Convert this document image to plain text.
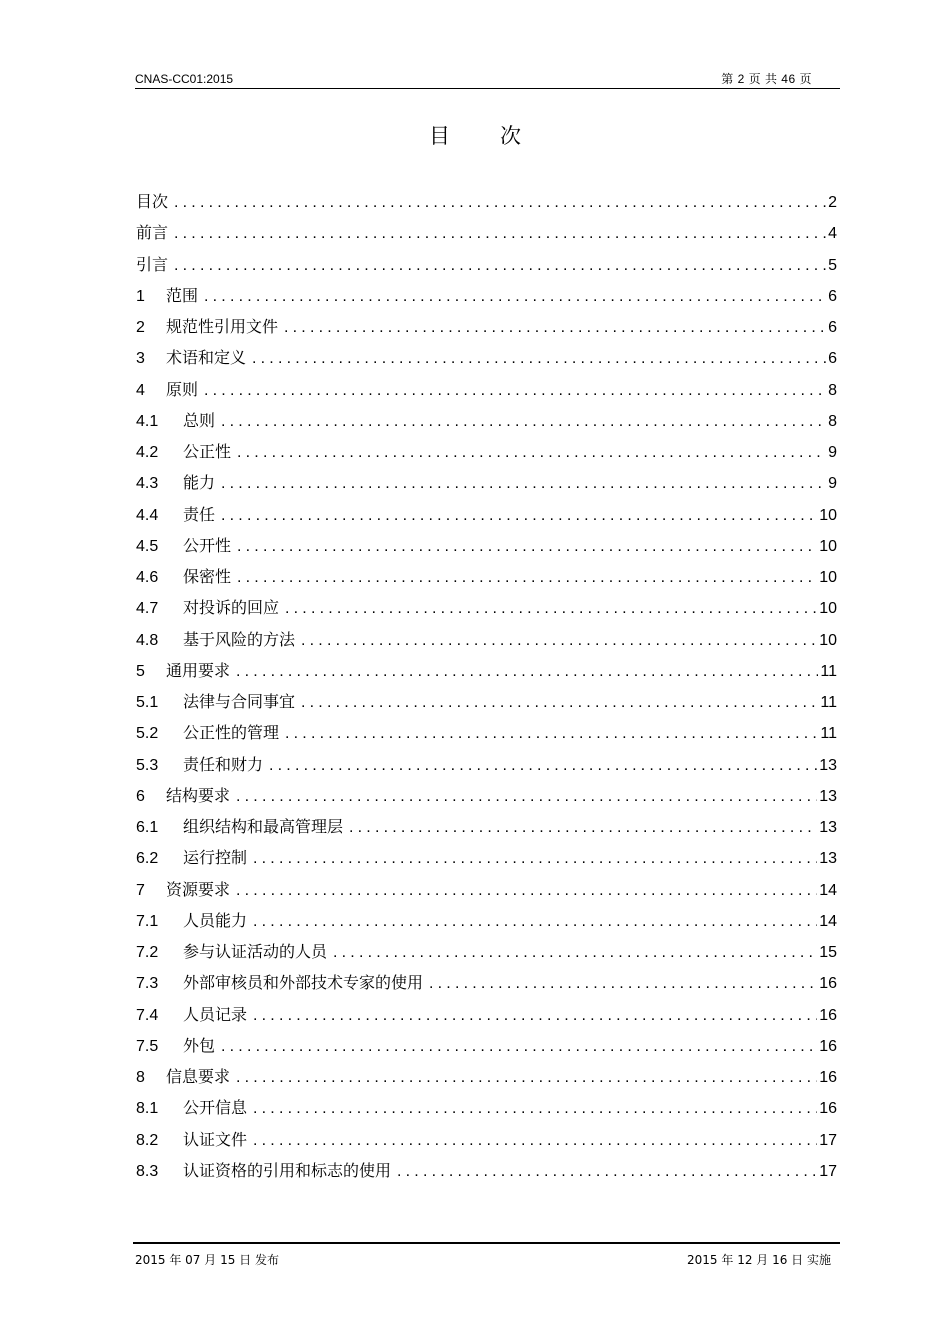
CNAS-CC01:2015	第 2 页 共 46 页
目次
目次 .....	2
前言 .....	4
引言 .....	5
1	范围 .....	6
2	规范性引用文件 .....	6
3	术语和定义 .....	6
4	原则 .....	8
4.1	总则 .....	8
4.2	公正性 .....	9
4.3	能力 .....	9
4.4	责任 .....	10
4.5	公开性 .....	10
4.6	保密性 .....	10
4.7	对投诉的回应 .....	10
4.8	基于风险的方法 .....	10
5	通用要求 .....	11
5.1	法律与合同事宜 .....	11
5.2	公正性的管理 .....	11
5.3	责任和财力 .....	13
6	结构要求 .....	13
6.1	组织结构和最高管理层 .....	13
6.2	运行控制 .....	13
7	资源要求 .....	14
7.1	人员能力 .....	14
7.2	参与认证活动的人员 .....	15
7.3	外部审核员和外部技术专家的使用 .....	16
7.4	人员记录 .....	16
7.5	外包 .....	16
8	信息要求 .....	16
8.1	公开信息 .....	16
8.2	认证文件 .....	17
8.3	认证资格的引用和标志的使用 .....	17
2015 年 07 月 15 日 发布	2015 年 12 月 16 日 实施
